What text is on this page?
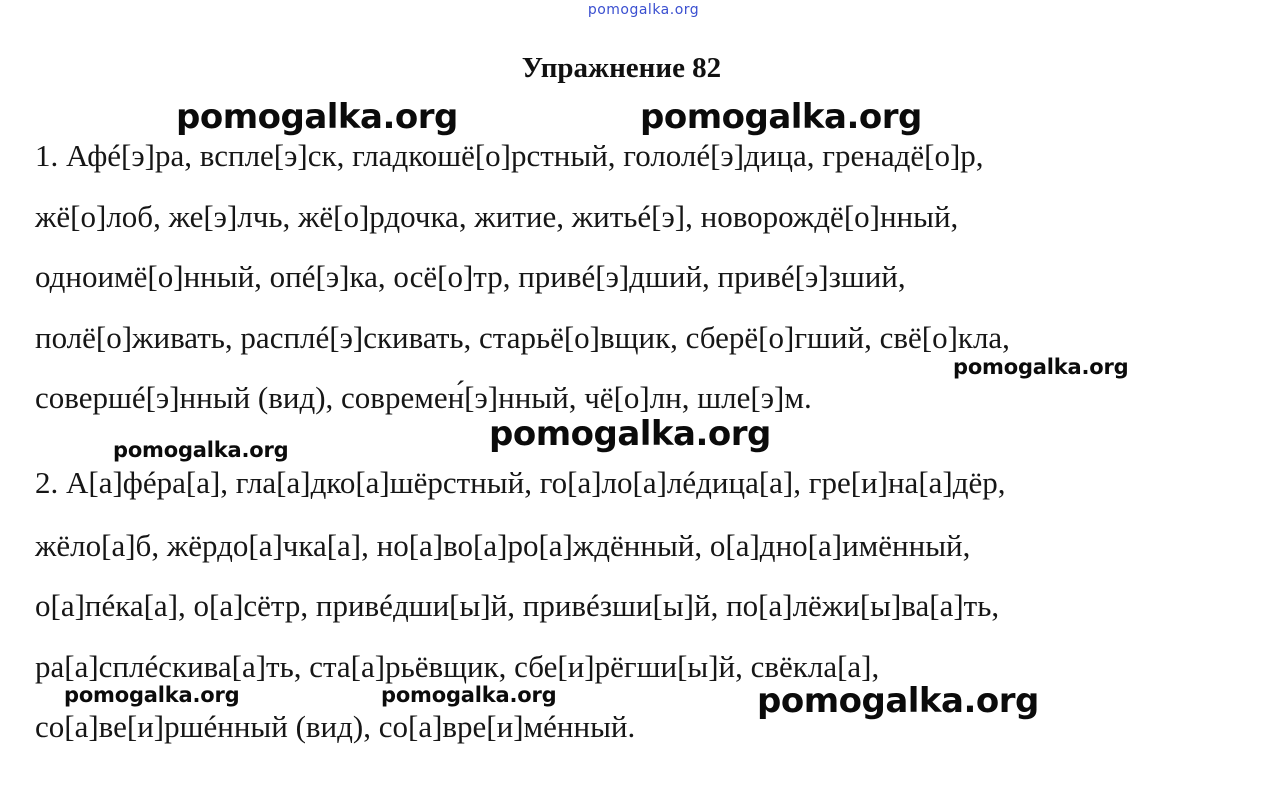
pomogalka.org
Упражнение 82
1. Афé[э]ра, вспле[э]ск, гладкошё[о]рстный, гололé[э]дица, гренадё[о]р,
жё[о]лоб, же[э]лчь, жё[о]рдочка, житие, житьé[э], новорождё[о]нный,
одноимё[о]нный, опé[э]ка, осё[о]тр, привé[э]дший, привé[э]зший,
полё[о]живать, расплé[э]скивать, старьё[о]вщик, сберё[о]гший, свё[о]кла,
совершé[э]нный (вид), современ́[э]нный, чё[о]лн, шле[э]м.
2. А[а]фéра[а], гла[а]дко[а]шёрстный, го[а]ло[а]лéдица[а], гре[и]на[а]дёр,
жёло[а]б, жёрдо[а]чка[а], но[а]во[а]ро[а]ждённый, о[а]дно[а]имённый,
о[а]пéка[а], о[а]сётр, привéдши[ы]й, привéзши[ы]й, по[а]лёжи[ы]ва[а]ть,
ра[а]сплéскива[а]ть, ста[а]рьёвщик, сбе[и]рёгши[ы]й, свёкла[а],
со[а]ве[и]ршéнный (вид), со[а]вре[и]мéнный.
pomogalka.org	pomogalka.org
pomogalka.org
pomogalka.org
pomogalka.org
pomogalka.org	pomogalka.org	pomogalka.org
